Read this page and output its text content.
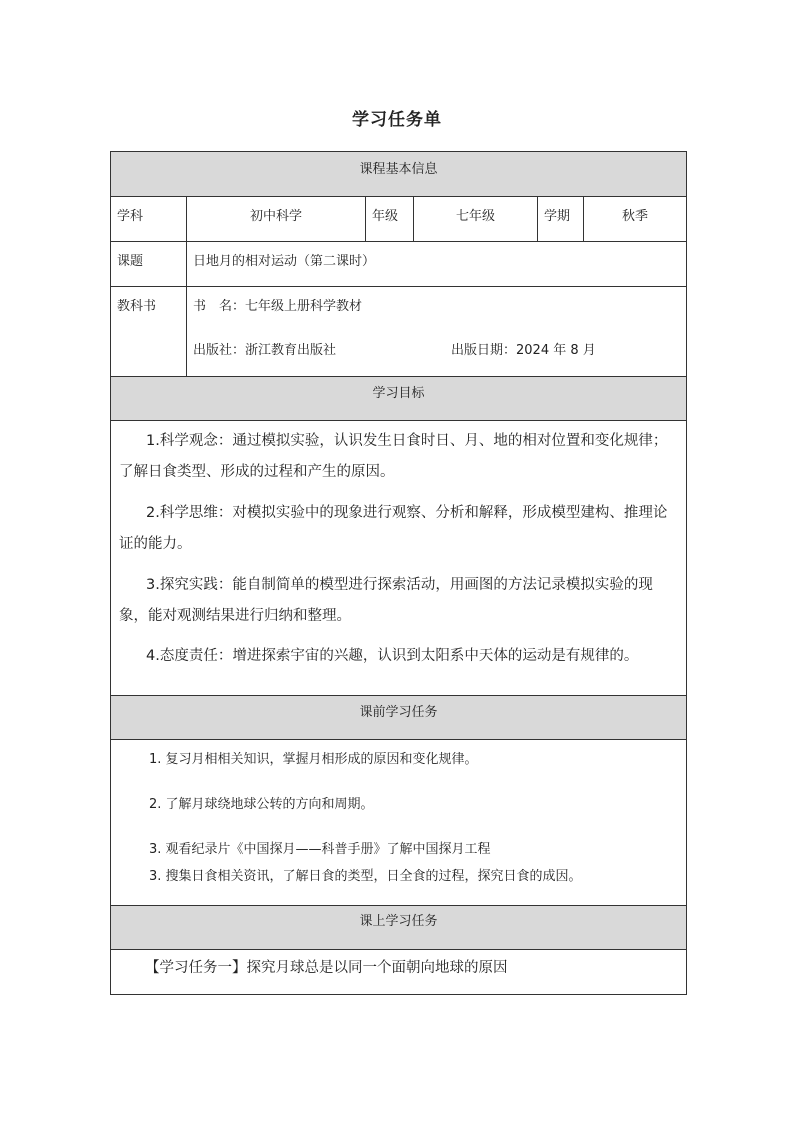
学习任务单
课程基本信息
学科	初中科学	年级	七年级	学期	秋季
课题	日地月的相对运动（第二课时）
教科书	书　名：七年级上册科学教材
出版社：浙江教育出版社	出版日期：2024 年 8 月
学习目标
1.科学观念：通过模拟实验，认识发生日食时日、月、地的相对位置和变化规律；了解日食类型、形成的过程和产生的原因。
2.科学思维：对模拟实验中的现象进行观察、分析和解释，形成模型建构、推理论证的能力。
3.探究实践：能自制简单的模型进行探索活动，用画图的方法记录模拟实验的现象，能对观测结果进行归纳和整理。
4.态度责任：增进探索宇宙的兴趣，认识到太阳系中天体的运动是有规律的。
课前学习任务
1. 复习月相相关知识，掌握月相形成的原因和变化规律。
2. 了解月球绕地球公转的方向和周期。
3. 观看纪录片《中国探月——科普手册》了解中国探月工程
3. 搜集日食相关资讯，了解日食的类型，日全食的过程，探究日食的成因。
课上学习任务
【学习任务一】探究月球总是以同一个面朝向地球的原因
